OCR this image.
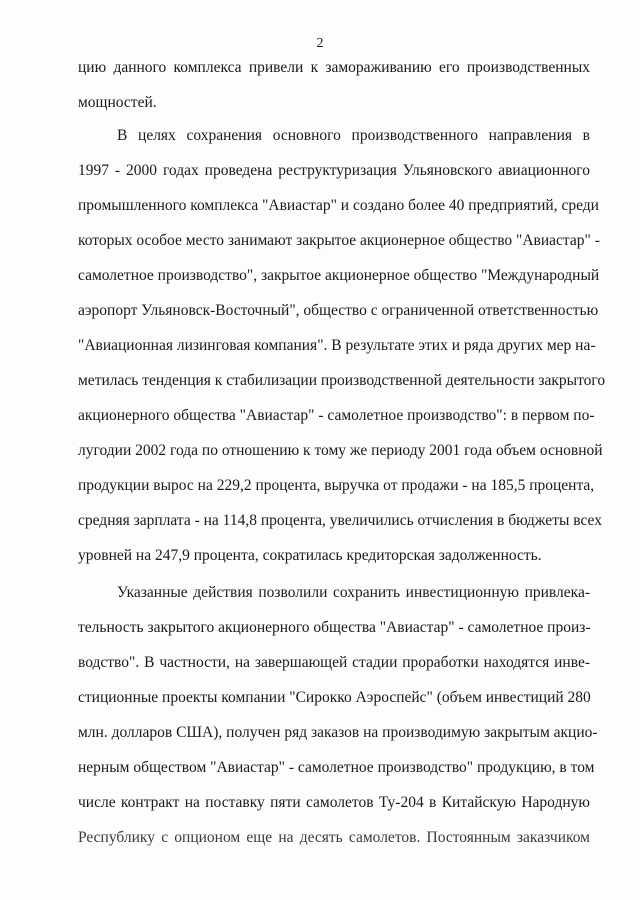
2
цию данного комплекса привели к замораживанию его производственных
мощностей.
В целях сохранения основного производственного направления в
1997 - 2000 годах проведена реструктуризация Ульяновского авиационного
промышленного комплекса "Авиастар" и создано более 40 предприятий, среди
которых особое место занимают закрытое акционерное общество "Авиастар" -
самолетное производство", закрытое акционерное общество "Международный
аэропорт Ульяновск-Восточный", общество с ограниченной ответственностью
"Авиационная лизинговая компания". В результате этих и ряда других мер на-
метилась тенденция к стабилизации производственной деятельности закрытого
акционерного общества "Авиастар" - самолетное производство": в первом по-
лугодии 2002 года по отношению к тому же периоду 2001 года объем основной
продукции вырос на 229,2 процента, выручка от продажи - на 185,5 процента,
средняя зарплата - на 114,8 процента, увеличились отчисления в бюджеты всех
уровней на 247,9 процента, сократилась кредиторская задолженность.
Указанные действия позволили сохранить инвестиционную привлека-
тельность закрытого акционерного общества "Авиастар" - самолетное произ-
водство". В частности, на завершающей стадии проработки находятся инве-
стиционные проекты компании "Сирокко Аэроспейс" (объем инвестиций 280
млн. долларов США), получен ряд заказов на производимую закрытым акцио-
нерным обществом "Авиастар" - самолетное производство" продукцию, в том
числе контракт на поставку пяти самолетов Ту-204 в Китайскую Народную
Республику с опционом еще на десять самолетов. Постоянным заказчиком
